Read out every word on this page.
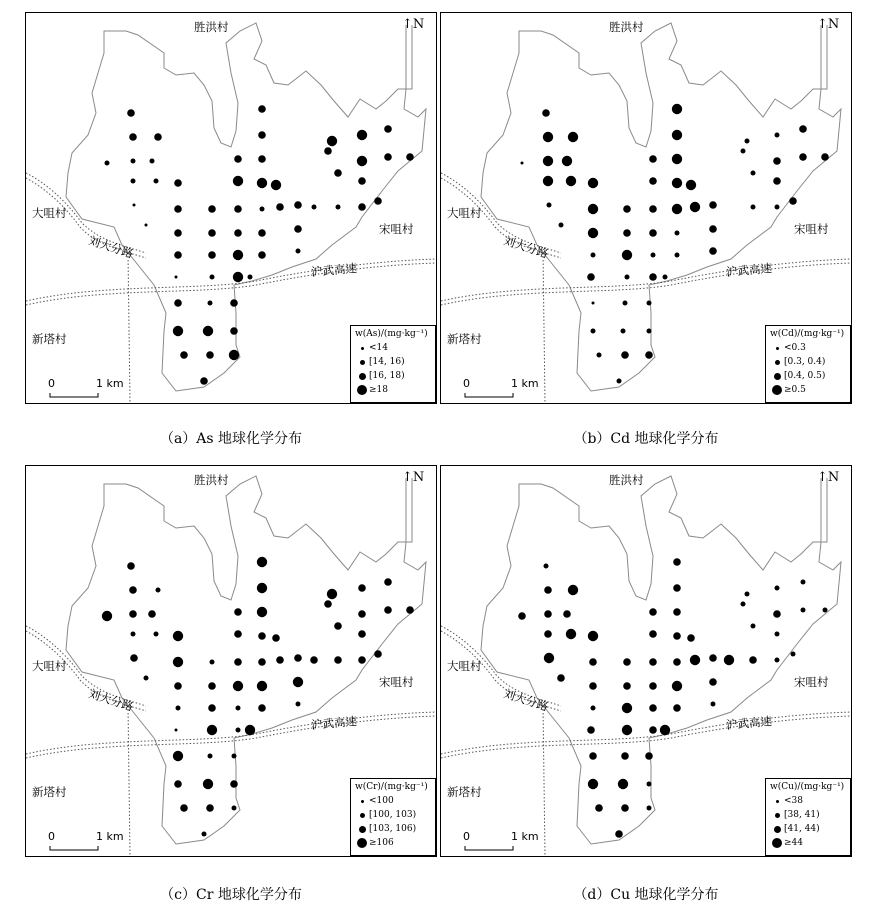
胜洪村
大咀村
宋咀村
新塔村
刘大分路
沪武高速
↑N
0	1 km
w(As)/(mg·kg⁻¹)
<14
[14, 16)
[16, 18)
≥18
（a）As 地球化学分布
胜洪村
大咀村
宋咀村
新塔村
刘大分路
沪武高速
↑N
0	1 km
w(Cd)/(mg·kg⁻¹)
<0.3
[0.3, 0.4)
[0.4, 0.5)
≥0.5
（b）Cd 地球化学分布
胜洪村
大咀村
宋咀村
新塔村
刘大分路
沪武高速
↑N
0	1 km
w(Cr)/(mg·kg⁻¹)
<100
[100, 103)
[103, 106)
≥106
（c）Cr 地球化学分布
胜洪村
大咀村
宋咀村
新塔村
刘大分路
沪武高速
↑N
0	1 km
w(Cu)/(mg·kg⁻¹)
<38
[38, 41)
[41, 44)
≥44
（d）Cu 地球化学分布
